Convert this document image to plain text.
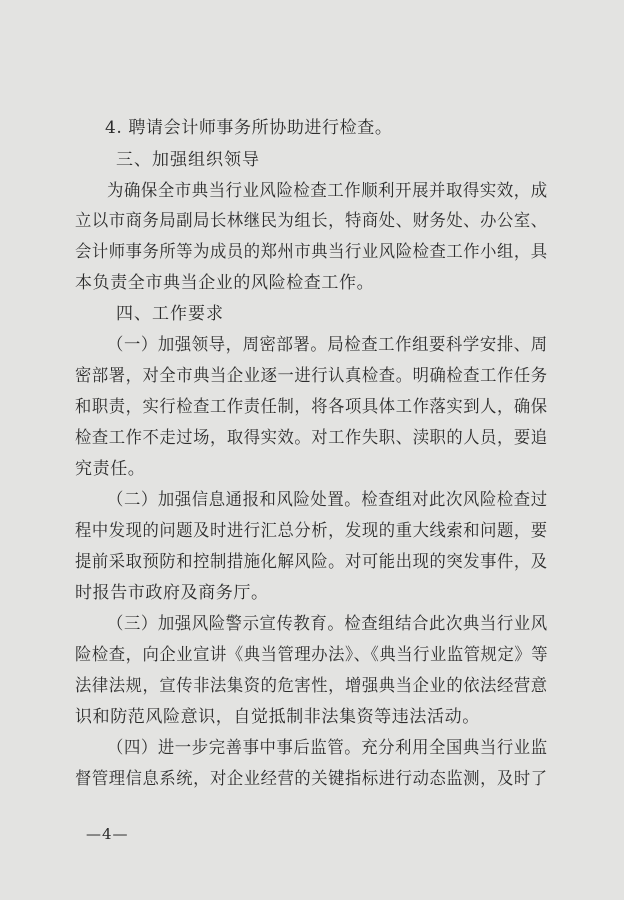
4. 聘请会计师事务所协助进行检查。
三、加强组织领导
为确保全市典当行业风险检查工作顺利开展并取得实效，成
立以市商务局副局长林继民为组长，特商处、财务处、办公室、
会计师事务所等为成员的郑州市典当行业风险检查工作小组，具
本负责全市典当企业的风险检查工作。
四、工作要求
（一）加强领导，周密部署。局检查工作组要科学安排、周
密部署，对全市典当企业逐一进行认真检查。明确检查工作任务
和职责，实行检查工作责任制，将各项具体工作落实到人，确保
检查工作不走过场，取得实效。对工作失职、渎职的人员，要追
究责任。
（二）加强信息通报和风险处置。检查组对此次风险检查过
程中发现的问题及时进行汇总分析，发现的重大线索和问题，要
提前采取预防和控制措施化解风险。对可能出现的突发事件，及
时报告市政府及商务厅。
（三）加强风险警示宣传教育。检查组结合此次典当行业风
险检查，向企业宣讲《典当管理办法》、《典当行业监管规定》等
法律法规，宣传非法集资的危害性，增强典当企业的依法经营意
识和防范风险意识，自觉抵制非法集资等违法活动。
（四）进一步完善事中事后监管。充分利用全国典当行业监
督管理信息系统，对企业经营的关键指标进行动态监测，及时了
—4—
